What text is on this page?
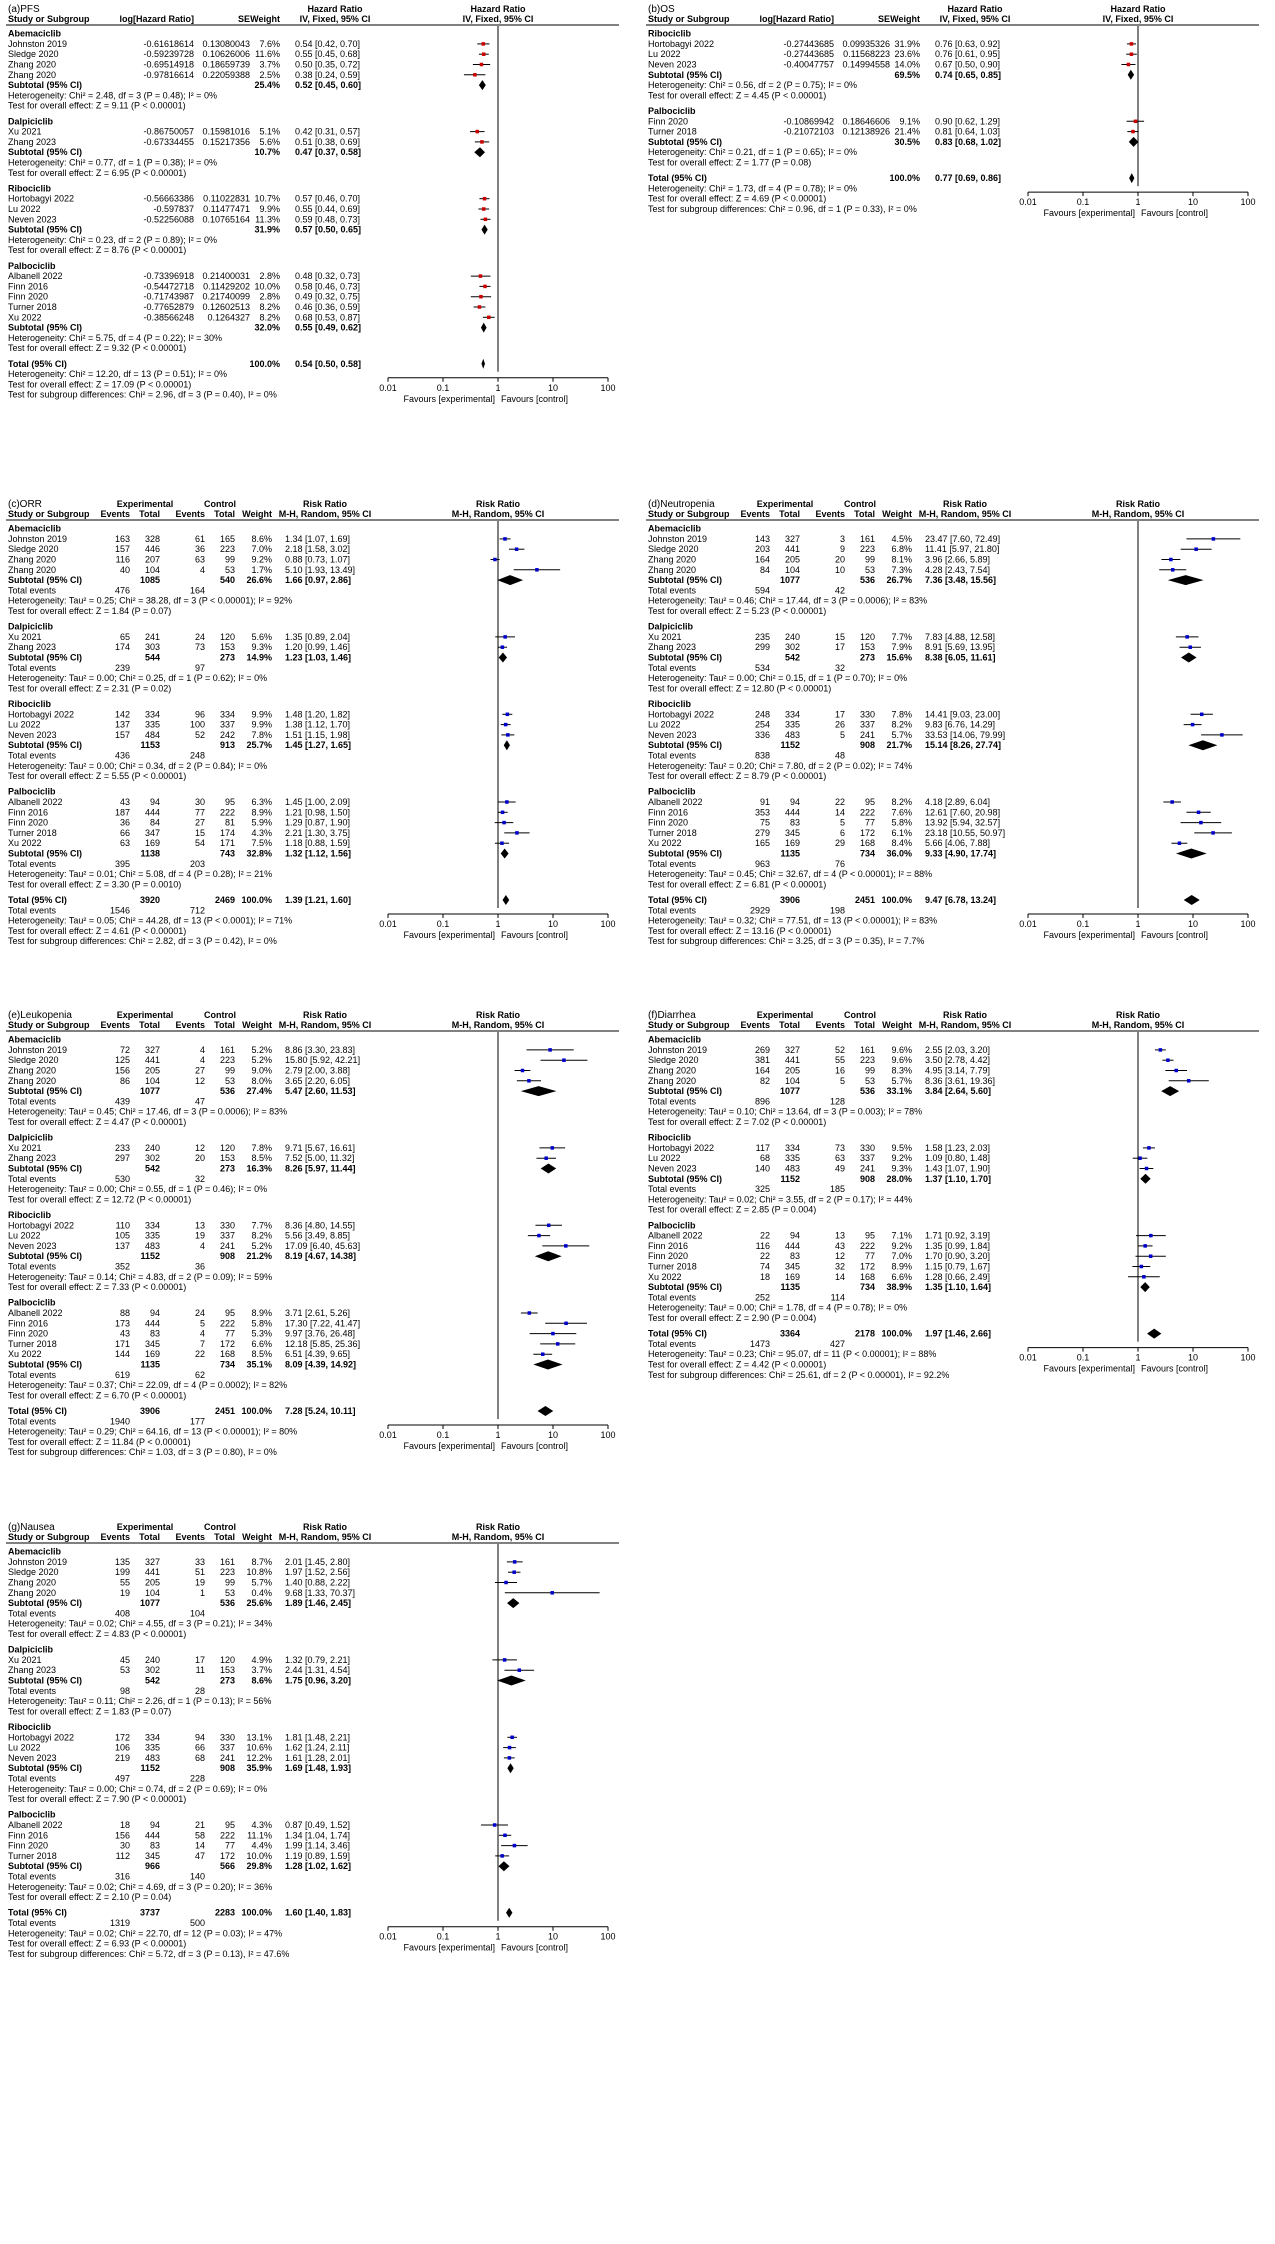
(a)PFS	Hazard Ratio	Hazard Ratio
Study or Subgroup	log[Hazard Ratio]	SE Weight IV, Fixed, 95% CI	IV, Fixed, 95% CI
Abemaciclib
Johnston 2019	-0.61618614 0.13080043 7.6% 0.54 [0.42, 0.70]
Sledge 2020	-0.59239728 0.10626006 11.6% 0.55 [0.45, 0.68]
Zhang 2020	-0.69514918 0.18659739 3.7% 0.50 [0.35, 0.72]
Zhang 2020	-0.97816614 0.22059388 2.5% 0.38 [0.24, 0.59]
Subtotal (95% CI)	25.4% 0.52 [0.45, 0.60]
Heterogeneity: Chi² = 2.48, df = 3 (P = 0.48); I² = 0%
Test for overall effect: Z = 9.11 (P < 0.00001)
Dalpiciclib
Xu 2021	-0.86750057 0.15981016 5.1% 0.42 [0.31, 0.57]
Zhang 2023	-0.67334455 0.15217356 5.6% 0.51 [0.38, 0.69]
Subtotal (95% CI)	10.7% 0.47 [0.37, 0.58]
Heterogeneity: Chi² = 0.77, df = 1 (P = 0.38); I² = 0%
Test for overall effect: Z = 6.95 (P < 0.00001)
Ribociclib
Hortobagyi 2022	-0.56663386 0.11022831 10.7% 0.57 [0.46, 0.70]
Lu 2022	-0.597837 0.11477471 9.9% 0.55 [0.44, 0.69]
Neven 2023	-0.52256088 0.10765164 11.3% 0.59 [0.48, 0.73]
Subtotal (95% CI)	31.9% 0.57 [0.50, 0.65]
Heterogeneity: Chi² = 0.23, df = 2 (P = 0.89); I² = 0%
Test for overall effect: Z = 8.76 (P < 0.00001)
Palbociclib
Albanell 2022	-0.73396918 0.21400031 2.8% 0.48 [0.32, 0.73]
Finn 2016	-0.54472718 0.11429202 10.0% 0.58 [0.46, 0.73]
Finn 2020	-0.71743987 0.21740099 2.8% 0.49 [0.32, 0.75]
Turner 2018	-0.77652879 0.12602513 8.2% 0.46 [0.36, 0.59]
Xu 2022	-0.38566248 0.1264327 8.2% 0.68 [0.53, 0.87]
Subtotal (95% CI)	32.0% 0.55 [0.49, 0.62]
Heterogeneity: Chi² = 5.75, df = 4 (P = 0.22); I² = 30%
Test for overall effect: Z = 9.32 (P < 0.00001)
Total (95% CI)	100.0% 0.54 [0.50, 0.58]
Heterogeneity: Chi² = 12.20, df = 13 (P = 0.51); I² = 0%
Test for overall effect: Z = 17.09 (P < 0.00001)
Test for subgroup differences: Chi² = 2.96, df = 3 (P = 0.40), I² = 0%
0.01	0.1	1	10	100
Favours [experimental] Favours [control]
(b)OS	Hazard Ratio	Hazard Ratio
Study or Subgroup	log[Hazard Ratio]	SE Weight IV, Fixed, 95% CI	IV, Fixed, 95% CI
Ribociclib
Hortobagyi 2022	-0.27443685 0.09935326 31.9% 0.76 [0.63, 0.92]
Lu 2022	-0.27443685 0.11568223 23.6% 0.76 [0.61, 0.95]
Neven 2023	-0.40047757 0.14994558 14.0% 0.67 [0.50, 0.90]
Subtotal (95% CI)	69.5% 0.74 [0.65, 0.85]
Heterogeneity: Chi² = 0.56, df = 2 (P = 0.75); I² = 0%
Test for overall effect: Z = 4.45 (P < 0.00001)
Palbociclib
Finn 2020	-0.10869942 0.18646606 9.1% 0.90 [0.62, 1.29]
Turner 2018	-0.21072103 0.12138926 21.4% 0.81 [0.64, 1.03]
Subtotal (95% CI)	30.5% 0.83 [0.68, 1.02]
Heterogeneity: Chi² = 0.21, df = 1 (P = 0.65); I² = 0%
Test for overall effect: Z = 1.77 (P = 0.08)
Total (95% CI)	100.0% 0.77 [0.69, 0.86]
Heterogeneity: Chi² = 1.73, df = 4 (P = 0.78); I² = 0%
Test for overall effect: Z = 4.69 (P < 0.00001)
Test for subgroup differences: Chi² = 0.96, df = 1 (P = 0.33), I² = 0%
0.01	0.1	1	10	100
Favours [experimental] Favours [control]
(c)ORR	Experimental	Control	Risk Ratio	Risk Ratio
Study or Subgroup Events Total Events Total Weight M-H, Random, 95% CI	M-H, Random, 95% CI
Abemaciclib
Johnston 2019	163 328	61 165 8.6% 1.34 [1.07, 1.69]
Sledge 2020	157 446	36 223 7.0% 2.18 [1.58, 3.02]
Zhang 2020	116 207	63 99 9.2% 0.88 [0.73, 1.07]
Zhang 2020	40 104	4 53 1.7% 5.10 [1.93, 13.49]
Subtotal (95% CI)	1085	540 26.6% 1.66 [0.97, 2.86]
Total events	476	164
Heterogeneity: Tau² = 0.25; Chi² = 38.28, df = 3 (P < 0.00001); I² = 92%
Test for overall effect: Z = 1.84 (P = 0.07)
Dalpiciclib
Xu 2021	65 241	24 120 5.6% 1.35 [0.89, 2.04]
Zhang 2023	174 303	73 153 9.3% 1.20 [0.99, 1.46]
Subtotal (95% CI)	544	273 14.9% 1.23 [1.03, 1.46]
Total events	239	97
Heterogeneity: Tau² = 0.00; Chi² = 0.25, df = 1 (P = 0.62); I² = 0%
Test for overall effect: Z = 2.31 (P = 0.02)
Ribociclib
Hortobagyi 2022	142 334	96 334 9.9% 1.48 [1.20, 1.82]
Lu 2022	137 335	100 337 9.9% 1.38 [1.12, 1.70]
Neven 2023	157 484	52 242 7.8% 1.51 [1.15, 1.98]
Subtotal (95% CI)	1153	913 25.7% 1.45 [1.27, 1.65]
Total events	436	248
Heterogeneity: Tau² = 0.00; Chi² = 0.34, df = 2 (P = 0.84); I² = 0%
Test for overall effect: Z = 5.55 (P < 0.00001)
Palbociclib
Albanell 2022	43 94	30 95 6.3% 1.45 [1.00, 2.09]
Finn 2016	187 444	77 222 8.9% 1.21 [0.98, 1.50]
Finn 2020	36 84	27 81 5.9% 1.29 [0.87, 1.90]
Turner 2018	66 347	15 174 4.3% 2.21 [1.30, 3.75]
Xu 2022	63 169	54 171 7.5% 1.18 [0.88, 1.59]
Subtotal (95% CI)	1138	743 32.8% 1.32 [1.12, 1.56]
Total events	395	203
Heterogeneity: Tau² = 0.01; Chi² = 5.08, df = 4 (P = 0.28); I² = 21%
Test for overall effect: Z = 3.30 (P = 0.0010)
Total (95% CI)	3920	2469 100.0% 1.39 [1.21, 1.60]
Total events	1546	712
Heterogeneity: Tau² = 0.05; Chi² = 44.28, df = 13 (P < 0.0001); I² = 71%
Test for overall effect: Z = 4.61 (P < 0.00001)
Test for subgroup differences: Chi² = 2.82, df = 3 (P = 0.42), I² = 0%
0.01	0.1	1	10	100
Favours [experimental] Favours [control]
(d)Neutropenia	Experimental	Control	Risk Ratio	Risk Ratio
Study or Subgroup Events Total Events Total Weight M-H, Random, 95% CI	M-H, Random, 95% CI
Abemaciclib
Johnston 2019	143 327	3 161 4.5% 23.47 [7.60, 72.49]
Sledge 2020	203 441	9 223 6.8% 11.41 [5.97, 21.80]
Zhang 2020	164 205	20 99 8.1% 3.96 [2.66, 5.89]
Zhang 2020	84 104	10 53 7.3% 4.28 [2.43, 7.54]
Subtotal (95% CI)	1077	536 26.7% 7.36 [3.48, 15.56]
Total events	594	42
Heterogeneity: Tau² = 0.46; Chi² = 17.44, df = 3 (P = 0.0006); I² = 83%
Test for overall effect: Z = 5.23 (P < 0.00001)
Dalpiciclib
Xu 2021	235 240	15 120 7.7% 7.83 [4.88, 12.58]
Zhang 2023	299 302	17 153 7.9% 8.91 [5.69, 13.95]
Subtotal (95% CI)	542	273 15.6% 8.38 [6.05, 11.61]
Total events	534	32
Heterogeneity: Tau² = 0.00; Chi² = 0.15, df = 1 (P = 0.70); I² = 0%
Test for overall effect: Z = 12.80 (P < 0.00001)
Ribociclib
Hortobagyi 2022	248 334	17 330 7.8% 14.41 [9.03, 23.00]
Lu 2022	254 335	26 337 8.2% 9.83 [6.76, 14.29]
Neven 2023	336 483	5 241 5.7% 33.53 [14.06, 79.99]
Subtotal (95% CI)	1152	908 21.7% 15.14 [8.26, 27.74]
Total events	838	48
Heterogeneity: Tau² = 0.20; Chi² = 7.80, df = 2 (P = 0.02); I² = 74%
Test for overall effect: Z = 8.79 (P < 0.00001)
Palbociclib
Albanell 2022	91 94	22 95 8.2% 4.18 [2.89, 6.04]
Finn 2016	353 444	14 222 7.6% 12.61 [7.60, 20.98]
Finn 2020	75 83	5 77 5.8% 13.92 [5.94, 32.57]
Turner 2018	279 345	6 172 6.1% 23.18 [10.55, 50.97]
Xu 2022	165 169	29 168 8.4% 5.66 [4.06, 7.88]
Subtotal (95% CI)	1135	734 36.0% 9.33 [4.90, 17.74]
Total events	963	76
Heterogeneity: Tau² = 0.45; Chi² = 32.67, df = 4 (P < 0.00001); I² = 88%
Test for overall effect: Z = 6.81 (P < 0.00001)
Total (95% CI)	3906	2451 100.0% 9.47 [6.78, 13.24]
Total events	2929	198
Heterogeneity: Tau² = 0.32; Chi² = 77.51, df = 13 (P < 0.00001); I² = 83%
Test for overall effect: Z = 13.16 (P < 0.00001)
Test for subgroup differences: Chi² = 3.25, df = 3 (P = 0.35), I² = 7.7%
0.01	0.1	1	10	100
Favours [experimental] Favours [control]
(e)Leukopenia	Experimental	Control	Risk Ratio	Risk Ratio
Study or Subgroup Events Total Events Total Weight M-H, Random, 95% CI	M-H, Random, 95% CI
Abemaciclib
Johnston 2019	72 327	4 161 5.2% 8.86 [3.30, 23.83]
Sledge 2020	125 441	4 223 5.2% 15.80 [5.92, 42.21]
Zhang 2020	156 205	27 99 9.0% 2.79 [2.00, 3.88]
Zhang 2020	86 104	12 53 8.0% 3.65 [2.20, 6.05]
Subtotal (95% CI)	1077	536 27.4% 5.47 [2.60, 11.53]
Total events	439	47
Heterogeneity: Tau² = 0.45; Chi² = 17.46, df = 3 (P = 0.0006); I² = 83%
Test for overall effect: Z = 4.47 (P < 0.00001)
Dalpiciclib
Xu 2021	233 240	12 120 7.8% 9.71 [5.67, 16.61]
Zhang 2023	297 302	20 153 8.5% 7.52 [5.00, 11.32]
Subtotal (95% CI)	542	273 16.3% 8.26 [5.97, 11.44]
Total events	530	32
Heterogeneity: Tau² = 0.00; Chi² = 0.55, df = 1 (P = 0.46); I² = 0%
Test for overall effect: Z = 12.72 (P < 0.00001)
Ribociclib
Hortobagyi 2022	110 334	13 330 7.7% 8.36 [4.80, 14.55]
Lu 2022	105 335	19 337 8.2% 5.56 [3.49, 8.85]
Neven 2023	137 483	4 241 5.2% 17.09 [6.40, 45.63]
Subtotal (95% CI)	1152	908 21.2% 8.19 [4.67, 14.38]
Total events	352	36
Heterogeneity: Tau² = 0.14; Chi² = 4.83, df = 2 (P = 0.09); I² = 59%
Test for overall effect: Z = 7.33 (P < 0.00001)
Palbociclib
Albanell 2022	88 94	24 95 8.9% 3.71 [2.61, 5.26]
Finn 2016	173 444	5 222 5.8% 17.30 [7.22, 41.47]
Finn 2020	43 83	4 77 5.3% 9.97 [3.76, 26.48]
Turner 2018	171 345	7 172 6.6% 12.18 [5.85, 25.36]
Xu 2022	144 169	22 168 8.5% 6.51 [4.39, 9.65]
Subtotal (95% CI)	1135	734 35.1% 8.09 [4.39, 14.92]
Total events	619	62
Heterogeneity: Tau² = 0.37; Chi² = 22.09, df = 4 (P = 0.0002); I² = 82%
Test for overall effect: Z = 6.70 (P < 0.00001)
Total (95% CI)	3906	2451 100.0% 7.28 [5.24, 10.11]
Total events	1940	177
Heterogeneity: Tau² = 0.29; Chi² = 64.16, df = 13 (P < 0.00001); I² = 80%
Test for overall effect: Z = 11.84 (P < 0.00001)
Test for subgroup differences: Chi² = 1.03, df = 3 (P = 0.80), I² = 0%
0.01	0.1	1	10	100
Favours [experimental] Favours [control]
(f)Diarrhea	Experimental	Control	Risk Ratio	Risk Ratio
Study or Subgroup Events Total Events Total Weight M-H, Random, 95% CI	M-H, Random, 95% CI
Abemaciclib
Johnston 2019	269 327	52 161 9.6% 2.55 [2.03, 3.20]
Sledge 2020	381 441	55 223 9.6% 3.50 [2.78, 4.42]
Zhang 2020	164 205	16 99 8.3% 4.95 [3.14, 7.79]
Zhang 2020	82 104	5 53 5.7% 8.36 [3.61, 19.36]
Subtotal (95% CI)	1077	536 33.1% 3.84 [2.64, 5.60]
Total events	896	128
Heterogeneity: Tau² = 0.10; Chi² = 13.64, df = 3 (P = 0.003); I² = 78%
Test for overall effect: Z = 7.02 (P < 0.00001)
Ribociclib
Hortobagyi 2022	117 334	73 330 9.5% 1.58 [1.23, 2.03]
Lu 2022	68 335	63 337 9.2% 1.09 [0.80, 1.48]
Neven 2023	140 483	49 241 9.3% 1.43 [1.07, 1.90]
Subtotal (95% CI)	1152	908 28.0% 1.37 [1.10, 1.70]
Total events	325	185
Heterogeneity: Tau² = 0.02; Chi² = 3.55, df = 2 (P = 0.17); I² = 44%
Test for overall effect: Z = 2.85 (P = 0.004)
Palbociclib
Albanell 2022	22 94	13 95 7.1% 1.71 [0.92, 3.19]
Finn 2016	116 444	43 222 9.2% 1.35 [0.99, 1.84]
Finn 2020	22 83	12 77 7.0% 1.70 [0.90, 3.20]
Turner 2018	74 345	32 172 8.9% 1.15 [0.79, 1.67]
Xu 2022	18 169	14 168 6.6% 1.28 [0.66, 2.49]
Subtotal (95% CI)	1135	734 38.9% 1.35 [1.10, 1.64]
Total events	252	114
Heterogeneity: Tau² = 0.00; Chi² = 1.78, df = 4 (P = 0.78); I² = 0%
Test for overall effect: Z = 2.90 (P = 0.004)
Total (95% CI)	3364	2178 100.0% 1.97 [1.46, 2.66]
Total events	1473	427
Heterogeneity: Tau² = 0.23; Chi² = 95.07, df = 11 (P < 0.00001); I² = 88%
Test for overall effect: Z = 4.42 (P < 0.00001)
Test for subgroup differences: Chi² = 25.61, df = 2 (P < 0.00001), I² = 92.2%
0.01	0.1	1	10	100
Favours [experimental] Favours [control]
(g)Nausea	Experimental	Control	Risk Ratio	Risk Ratio
Study or Subgroup Events Total Events Total Weight M-H, Random, 95% CI	M-H, Random, 95% CI
Abemaciclib
Johnston 2019	135 327	33 161 8.7% 2.01 [1.45, 2.80]
Sledge 2020	199 441	51 223 10.8% 1.97 [1.52, 2.56]
Zhang 2020	55 205	19 99 5.7% 1.40 [0.88, 2.22]
Zhang 2020	19 104	1 53 0.4% 9.68 [1.33, 70.37]
Subtotal (95% CI)	1077	536 25.6% 1.89 [1.46, 2.45]
Total events	408	104
Heterogeneity: Tau² = 0.02; Chi² = 4.55, df = 3 (P = 0.21); I² = 34%
Test for overall effect: Z = 4.83 (P < 0.00001)
Dalpiciclib
Xu 2021	45 240	17 120 4.9% 1.32 [0.79, 2.21]
Zhang 2023	53 302	11 153 3.7% 2.44 [1.31, 4.54]
Subtotal (95% CI)	542	273 8.6% 1.75 [0.96, 3.20]
Total events	98	28
Heterogeneity: Tau² = 0.11; Chi² = 2.26, df = 1 (P = 0.13); I² = 56%
Test for overall effect: Z = 1.83 (P = 0.07)
Ribociclib
Hortobagyi 2022	172 334	94 330 13.1% 1.81 [1.48, 2.21]
Lu 2022	106 335	66 337 10.6% 1.62 [1.24, 2.11]
Neven 2023	219 483	68 241 12.2% 1.61 [1.28, 2.01]
Subtotal (95% CI)	1152	908 35.9% 1.69 [1.48, 1.93]
Total events	497	228
Heterogeneity: Tau² = 0.00; Chi² = 0.74, df = 2 (P = 0.69); I² = 0%
Test for overall effect: Z = 7.90 (P < 0.00001)
Palbociclib
Albanell 2022	18 94	21 95 4.3% 0.87 [0.49, 1.52]
Finn 2016	156 444	58 222 11.1% 1.34 [1.04, 1.74]
Finn 2020	30 83	14 77 4.4% 1.99 [1.14, 3.46]
Turner 2018	112 345	47 172 10.0% 1.19 [0.89, 1.59]
Subtotal (95% CI)	966	566 29.8% 1.28 [1.02, 1.62]
Total events	316	140
Heterogeneity: Tau² = 0.02; Chi² = 4.69, df = 3 (P = 0.20); I² = 36%
Test for overall effect: Z = 2.10 (P = 0.04)
Total (95% CI)	3737	2283 100.0% 1.60 [1.40, 1.83]
Total events	1319	500
Heterogeneity: Tau² = 0.02; Chi² = 22.70, df = 12 (P = 0.03); I² = 47%
Test for overall effect: Z = 6.93 (P < 0.00001)
Test for subgroup differences: Chi² = 5.72, df = 3 (P = 0.13), I² = 47.6%
0.01	0.1	1	10	100
Favours [experimental] Favours [control]
